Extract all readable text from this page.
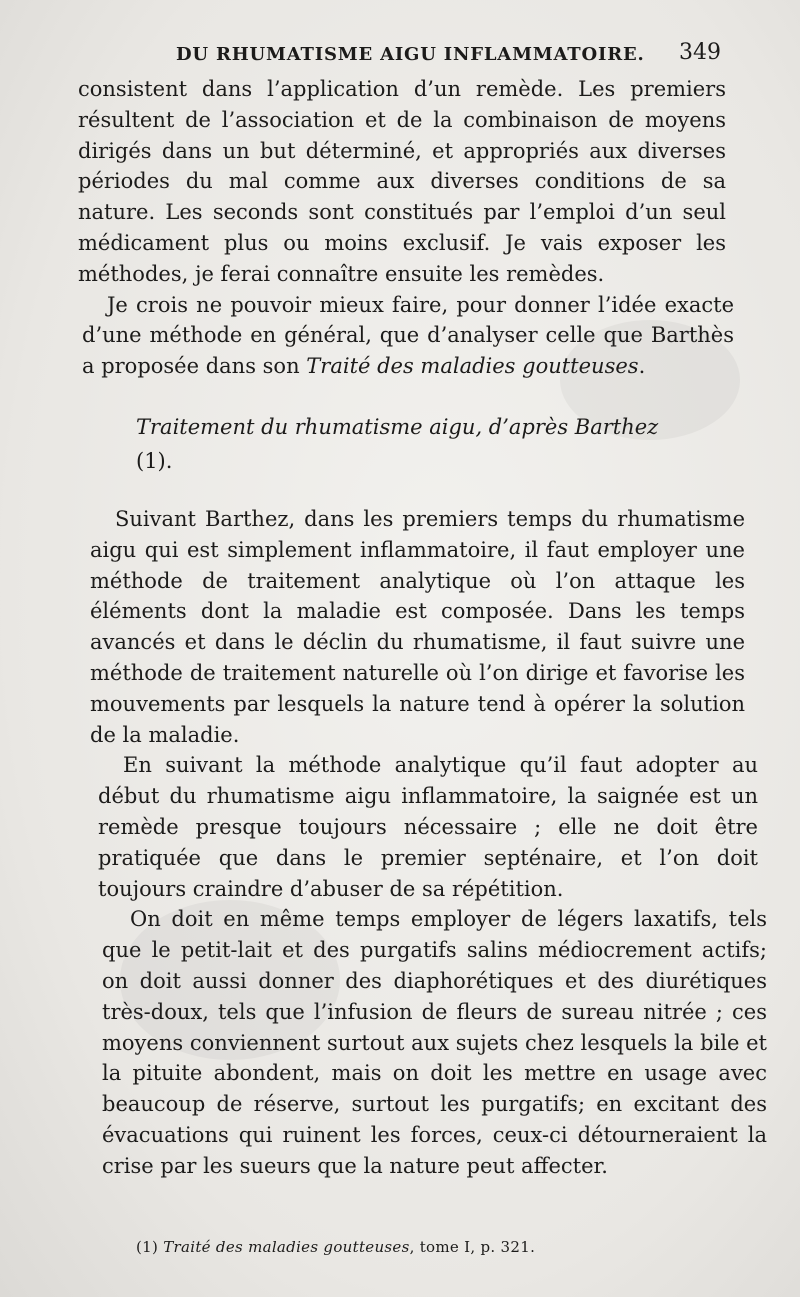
DU RHUMATISME AIGU INFLAMMATOIRE. 349

consistent dans l’application d’un remède. Les premiers résultent de l’association et de la combinaison de moyens dirigés dans un but déterminé, et appropriés aux diverses périodes du mal comme aux diverses conditions de sa nature. Les seconds sont constitués par l’emploi d’un seul médicament plus ou moins exclusif. Je vais exposer les méthodes, je ferai connaître ensuite les remèdes.

Je crois ne pouvoir mieux faire, pour donner l’idée exacte d’une méthode en général, que d’analyser celle que Barthès a proposée dans son Traité des maladies goutteuses.

Traitement du rhumatisme aigu, d’après Barthez (1).

Suivant Barthez, dans les premiers temps du rhumatisme aigu qui est simplement inflammatoire, il faut employer une méthode de traitement analytique où l’on attaque les éléments dont la maladie est composée. Dans les temps avancés et dans le déclin du rhumatisme, il faut suivre une méthode de traitement naturelle où l’on dirige et favorise les mouvements par lesquels la nature tend à opérer la solution de la maladie.

En suivant la méthode analytique qu’il faut adopter au début du rhumatisme aigu inflammatoire, la saignée est un remède presque toujours nécessaire ; elle ne doit être pratiquée que dans le premier septénaire, et l’on doit toujours craindre d’abuser de sa répétition.

On doit en même temps employer de légers laxatifs, tels que le petit-lait et des purgatifs salins médiocrement actifs; on doit aussi donner des diaphorétiques et des diurétiques très-doux, tels que l’infusion de fleurs de sureau nitrée ; ces moyens conviennent surtout aux sujets chez lesquels la bile et la pituite abondent, mais on doit les mettre en usage avec beaucoup de réserve, surtout les purgatifs; en excitant des évacuations qui ruinent les forces, ceux-ci détourneraient la crise par les sueurs que la nature peut affecter.

(1) Traité des maladies goutteuses, tome I, p. 321.
